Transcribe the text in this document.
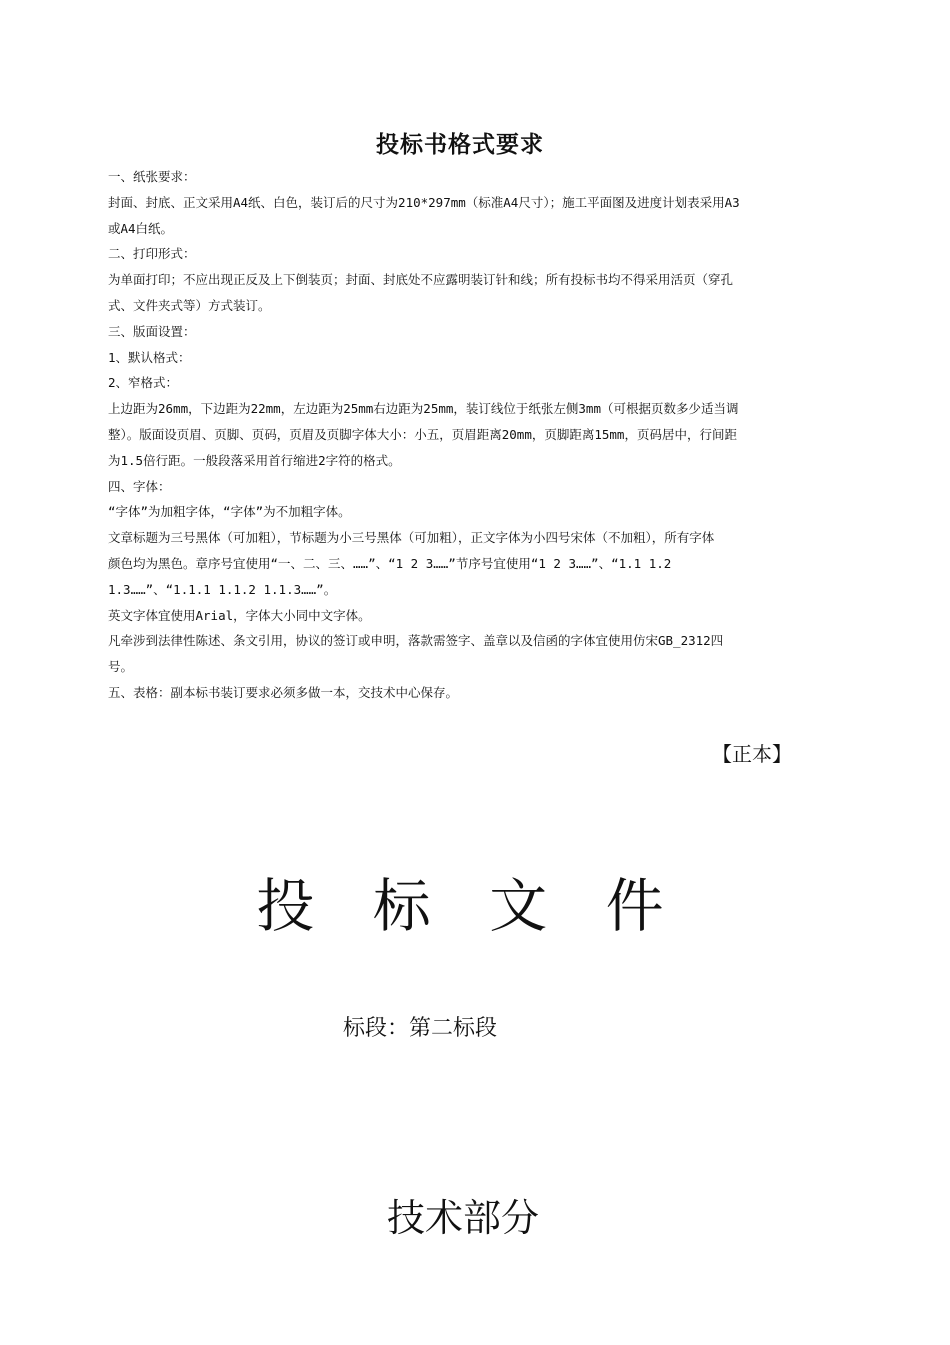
投标书格式要求
一、纸张要求：
封面、封底、正文采用A4纸、白色，装订后的尺寸为210*297mm（标准A4尺寸）；施工平面图及进度计划表采用A3
或A4白纸。
二、打印形式：
为单面打印；不应出现正反及上下倒装页；封面、封底处不应露明装订针和线；所有投标书均不得采用活页（穿孔
式、文件夹式等）方式装订。
三、版面设置：
1、默认格式：
2、窄格式：
上边距为26mm，下边距为22mm，左边距为25mm右边距为25mm，装订线位于纸张左侧3mm（可根据页数多少适当调
整）。版面设页眉、页脚、页码，页眉及页脚字体大小：小五，页眉距离20mm，页脚距离15mm，页码居中，行间距
为1.5倍行距。一般段落采用首行缩进2字符的格式。
四、字体：
“字体”为加粗字体，“字体”为不加粗字体。
文章标题为三号黑体（可加粗），节标题为小三号黑体（可加粗），正文字体为小四号宋体（不加粗），所有字体
颜色均为黑色。章序号宜使用“一、二、三、……”、“1 2 3……”节序号宜使用“1 2 3……”、“1.1 1.2
1.3……”、“1.1.1 1.1.2 1.1.3……”。
英文字体宜使用Arial，字体大小同中文字体。
凡牵涉到法律性陈述、条文引用，协议的签订或申明，落款需签字、盖章以及信函的字体宜使用仿宋GB_2312四
号。
五、表格：副本标书装订要求必须多做一本，交技术中心保存。
【正本】
投 标 文 件
标段：第二标段
技术部分
